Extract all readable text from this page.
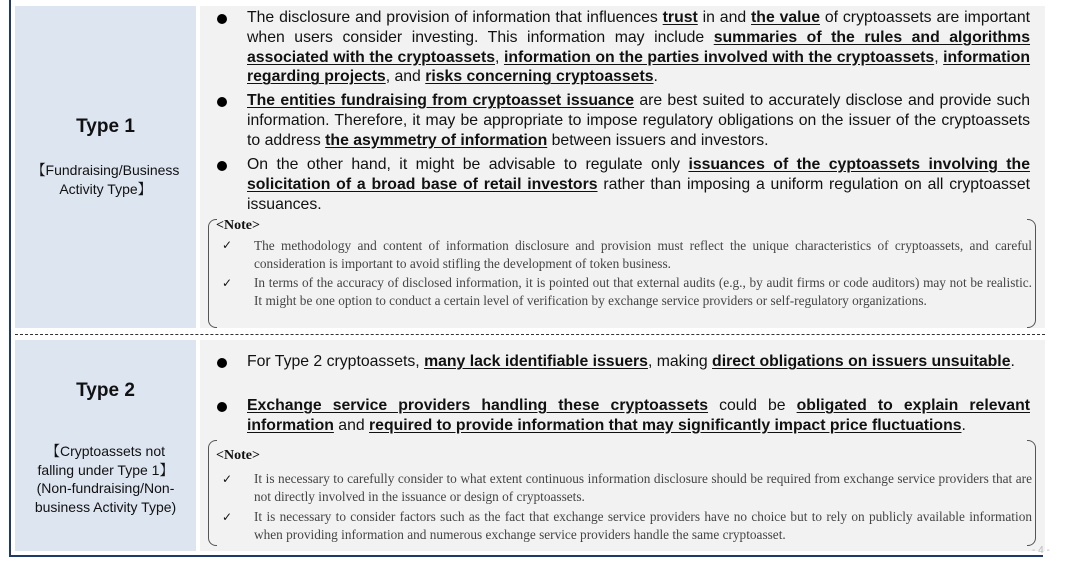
Type 1
【Fundraising/Business
Activity Type】
The disclosure and provision of information that influences trust in and the value of cryptoassets are important when users consider investing. This information may include summaries of the rules and algorithms associated with the cryptoassets, information on the parties involved with the cryptoassets, information regarding projects, and risks concerning cryptoassets.
The entities fundraising from cryptoasset issuance are best suited to accurately disclose and provide such information. Therefore, it may be appropriate to impose regulatory obligations on the issuer of the cryptoassets to address the asymmetry of information between issuers and investors.
On the other hand, it might be advisable to regulate only issuances of the cyptoassets involving the solicitation of a broad base of retail investors rather than imposing a uniform regulation on all cryptoasset issuances.
<Note>
✓ The methodology and content of information disclosure and provision must reflect the unique characteristics of cryptoassets, and careful consideration is important to avoid stifling the development of token business.
✓ In terms of the accuracy of disclosed information, it is pointed out that external audits (e.g., by audit firms or code auditors) may not be realistic. It might be one option to conduct a certain level of verification by exchange service providers or self-regulatory organizations.
Type 2
【Cryptoassets not
falling under Type 1】
(Non-fundraising/Non-
business Activity Type)
For Type 2 cryptoassets, many lack identifiable issuers, making direct obligations on issuers unsuitable.
Exchange service providers handling these cryptoassets could be obligated to explain relevant information and required to provide information that may significantly impact price fluctuations.
<Note>
✓ It is necessary to carefully consider to what extent continuous information disclosure should be required from exchange service providers that are not directly involved in the issuance or design of cryptoassets.
✓ It is necessary to consider factors such as the fact that exchange service providers have no choice but to rely on publicly available information when providing information and numerous exchange service providers handle the same cryptoasset.
- 4 -
